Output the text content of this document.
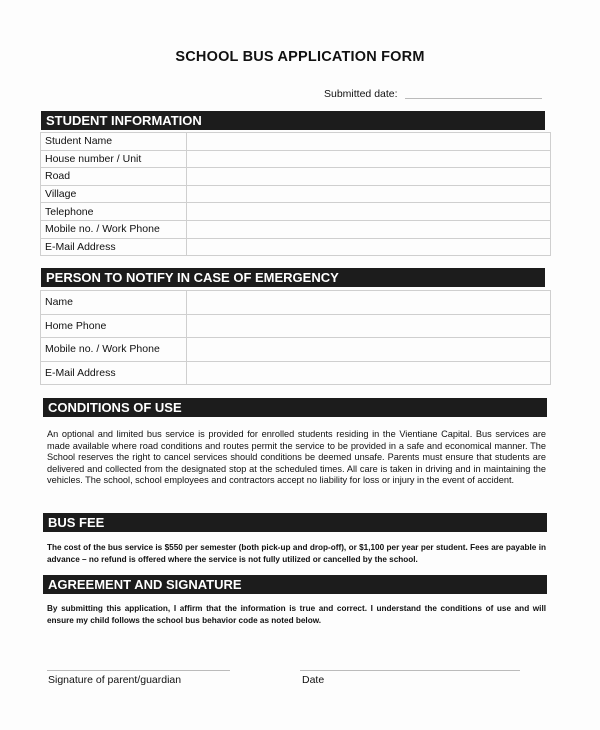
SCHOOL BUS APPLICATION FORM
Submitted date:
STUDENT INFORMATION
Student Name	
House number / Unit	
Road	
Village	
Telephone	
Mobile no. / Work Phone	
E-Mail Address	
PERSON TO NOTIFY IN CASE OF EMERGENCY
Name	
Home Phone	
Mobile no. / Work Phone	
E-Mail Address	
CONDITIONS OF USE

An optional and limited bus service is provided for enrolled students residing in the Vientiane Capital. Bus services are made available where road conditions and routes permit the service to be provided in a safe and economical manner. The School reserves the right to cancel services should conditions be deemed unsafe. Parents must ensure that students are delivered and collected from the designated stop at the scheduled times. All care is taken in driving and in maintaining the vehicles. The school, school employees and contractors accept no liability for loss or injury in the event of accident.

BUS FEE

The cost of the bus service is $550 per semester (both pick-up and drop-off), or $1,100 per year per student. Fees are payable in advance – no refund is offered where the service is not fully utilized or cancelled by the school.

AGREEMENT AND SIGNATURE

By submitting this application, I affirm that the information is true and correct. I understand the conditions of use and will ensure my child follows the school bus behavior code as noted below.

Signature of parent/guardian	Date
